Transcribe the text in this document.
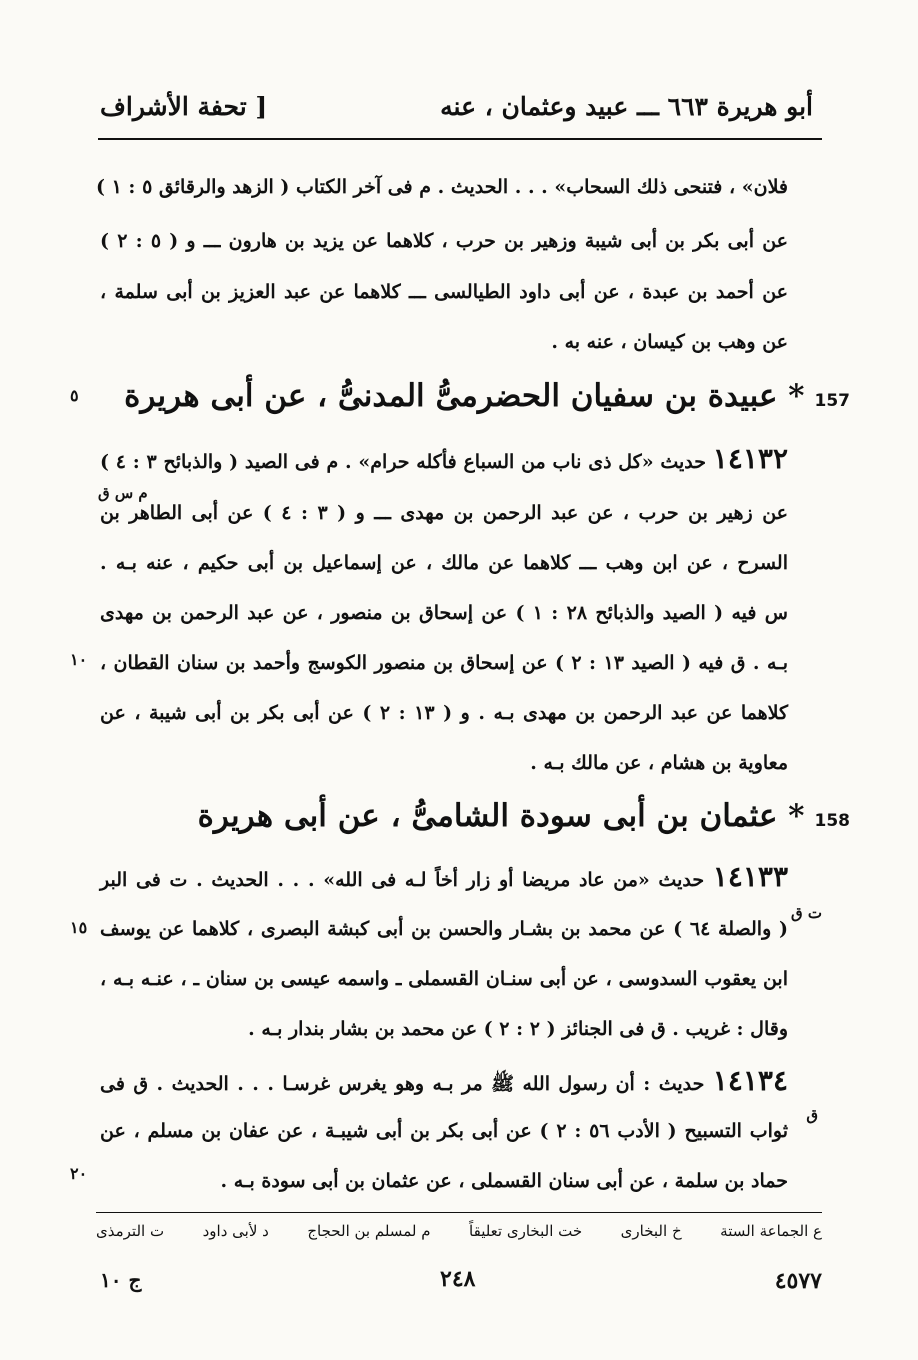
أبو هريرة ٦٦٣ ـــ عبيد وعثمان ، عنه
[ تحفة الأشراف
فلان» ، فتنحى ذلك السحاب» . . . الحديث . م فى آخر الكتاب ( الزهد والرقائق ٥ : ١ )
عن أبى بكر بن أبى شيبة وزهير بن حرب ، كلاهما عن يزيد بن هارون ـــ و ( ٥ : ٢ )
عن أحمد بن عبدة ، عن أبى داود الطيالسى ـــ كلاهما عن عبد العزيز بن أبى سلمة ،
عن وهب بن كيسان ، عنه به .
157* عبيدة بن سفيان الحضرمىُّ المدنىُّ ، عن أبى هريرة
١٤١٣٢ حديث «كل ذى ناب من السباع فأكله حرام» . م فى الصيد ( والذبائح ٣ : ٤ )
م س ق
عن زهير بن حرب ، عن عبد الرحمن بن مهدى ـــ و ( ٣ : ٤ ) عن أبى الطاهر بن
السرح ، عن ابن وهب ـــ كلاهما عن مالك ، عن إسماعيل بن أبى حكيم ، عنه بـه .
س فيه ( الصيد والذبائح ٢٨ : ١ ) عن إسحاق بن منصور ، عن عبد الرحمن بن مهدى
بـه . ق فيه ( الصيد ١٣ : ٢ ) عن إسحاق بن منصور الكوسج وأحمد بن سنان القطان ،
كلاهما عن عبد الرحمن بن مهدى بـه . و ( ١٣ : ٢ ) عن أبى بكر بن أبى شيبة ، عن
معاوية بن هشام ، عن مالك بـه .
158* عثمان بن أبى سودة الشامىُّ ، عن أبى هريرة
١٤١٣٣ حديث «من عاد مريضا أو زار أخاً لـه فى الله» . . . الحديث . ت فى البر
ت ق
( والصلة ٦٤ ) عن محمد بن بشـار والحسن بن أبى كبشة البصرى ، كلاهما عن يوسف
ابن يعقوب السدوسى ، عن أبى سنـان القسملى ـ واسمه عيسى بن سنان ـ ، عنـه بـه ،
وقال : غريب . ق فى الجنائز ( ٢ : ٢ ) عن محمد بن بشار بندار بـه .
١٤١٣٤ حديث : أن رسول الله ﷺ مر بـه وهو يغرس غرسـا . . . الحديث . ق فى
ق
ثواب التسبيح ( الأدب ٥٦ : ٢ ) عن أبى بكر بن أبى شيبـة ، عن عفان بن مسلم ، عن
حماد بن سلمة ، عن أبى سنان القسملى ، عن عثمان بن أبى سودة بـه .
٥
١٠
١٥
٢٠
ع الجماعة الستة
خ البخارى
خت البخارى تعليقاً
م لمسلم بن الحجاج
د لأبى داود
ت الترمذى
٤٥٧٧
٢٤٨
ج ١٠
